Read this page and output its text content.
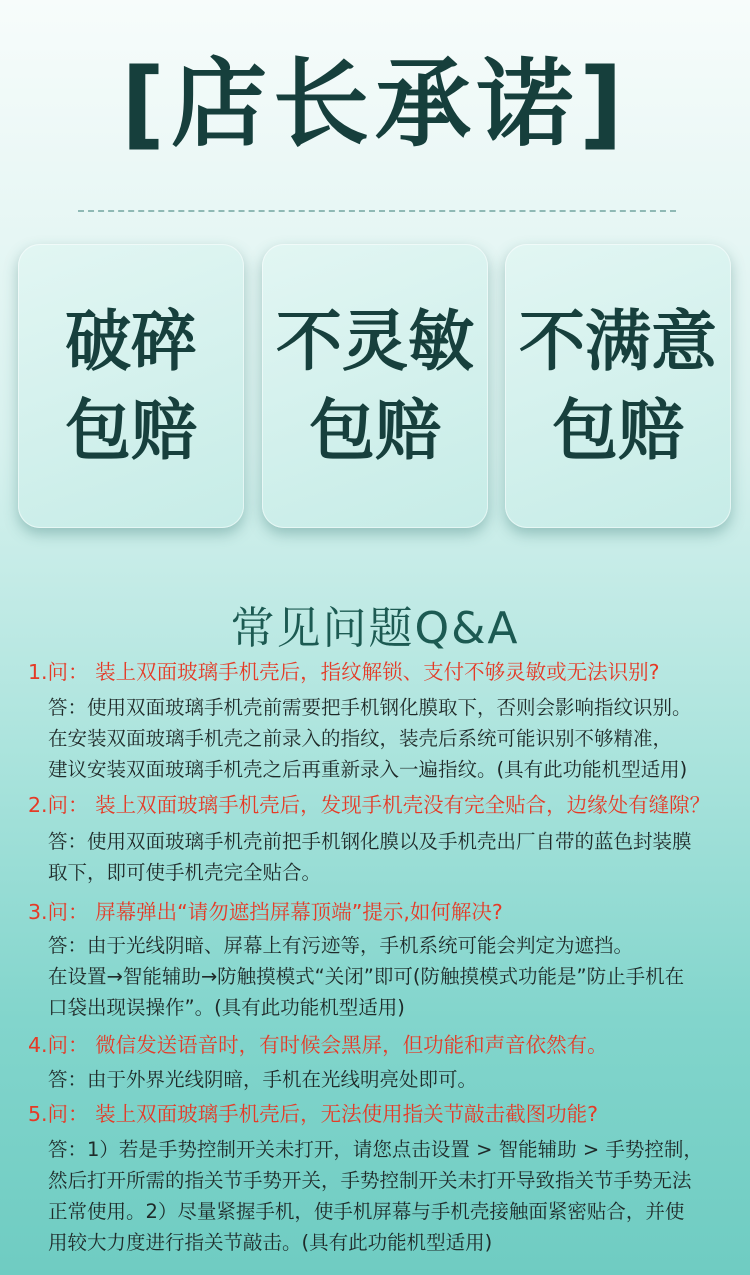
[店长承诺]
破碎
包赔
不灵敏
包赔
不满意
包赔
常见问题Q&A
1.问： 装上双面玻璃手机壳后，指纹解锁、支付不够灵敏或无法识别?
答：使用双面玻璃手机壳前需要把手机钢化膜取下，否则会影响指纹识别。
在安装双面玻璃手机壳之前录入的指纹，装壳后系统可能识别不够精准，
建议安装双面玻璃手机壳之后再重新录入一遍指纹。(具有此功能机型适用)
2.问： 装上双面玻璃手机壳后，发现手机壳没有完全贴合，边缘处有缝隙？
答：使用双面玻璃手机壳前把手机钢化膜以及手机壳出厂自带的蓝色封装膜
取下，即可使手机壳完全贴合。
3.问： 屏幕弹出“请勿遮挡屏幕顶端”提示,如何解决?
答：由于光线阴暗、屏幕上有污迹等，手机系统可能会判定为遮挡。
在设置→智能辅助→防触摸模式“关闭”即可(防触摸模式功能是”防止手机在
口袋出现误操作”。(具有此功能机型适用)
4.问： 微信发送语音时，有时候会黑屏，但功能和声音依然有。
答：由于外界光线阴暗，手机在光线明亮处即可。
5.问： 装上双面玻璃手机壳后，无法使用指关节敲击截图功能?
答：1）若是手势控制开关未打开，请您点击设置 > 智能辅助 > 手势控制，
然后打开所需的指关节手势开关，手势控制开关未打开导致指关节手势无法
正常使用。2）尽量紧握手机，使手机屏幕与手机壳接触面紧密贴合，并使
用较大力度进行指关节敲击。(具有此功能机型适用)
